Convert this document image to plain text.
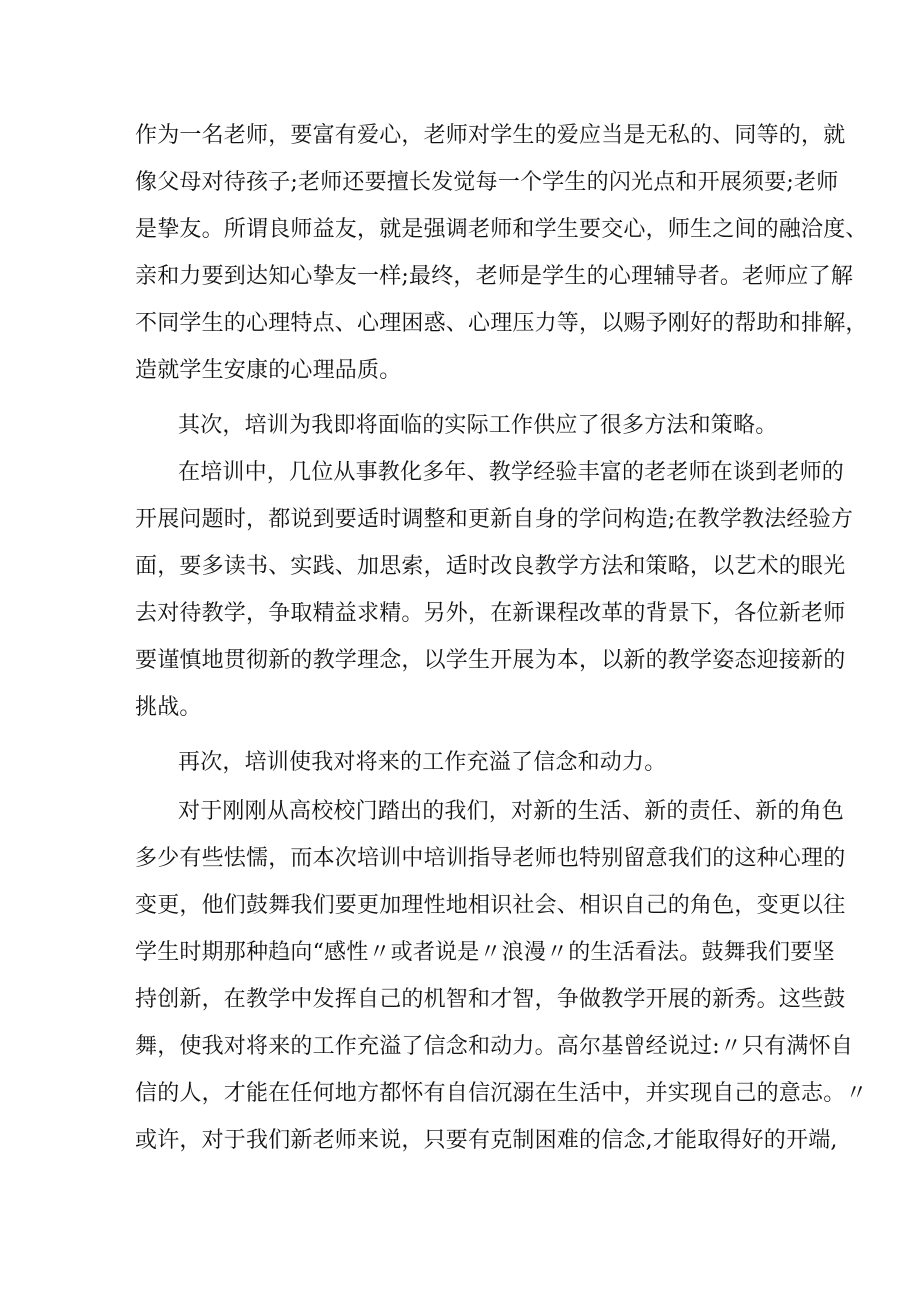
作为一名老师，要富有爱心，老师对学生的爱应当是无私的、同等的，就
像父母对待孩子;老师还要擅长发觉每一个学生的闪光点和开展须要;老师
是挚友。所谓良师益友，就是强调老师和学生要交心，师生之间的融洽度、
亲和力要到达知心挚友一样;最终，老师是学生的心理辅导者。老师应了解
不同学生的心理特点、心理困惑、心理压力等，以赐予刚好的帮助和排解，
造就学生安康的心理品质。
其次，培训为我即将面临的实际工作供应了很多方法和策略。
在培训中，几位从事教化多年、教学经验丰富的老老师在谈到老师的
开展问题时，都说到要适时调整和更新自身的学问构造;在教学教法经验方
面，要多读书、实践、加思索，适时改良教学方法和策略，以艺术的眼光
去对待教学，争取精益求精。另外，在新课程改革的背景下，各位新老师
要谨慎地贯彻新的教学理念，以学生开展为本，以新的教学姿态迎接新的
挑战。
再次，培训使我对将来的工作充溢了信念和动力。
对于刚刚从高校校门踏出的我们，对新的生活、新的责任、新的角色
多少有些怯懦，而本次培训中培训指导老师也特别留意我们的这种心理的
变更，他们鼓舞我们要更加理性地相识社会、相识自己的角色，变更以往
学生时期那种趋向“感性〃或者说是〃浪漫〃的生活看法。鼓舞我们要坚
持创新，在教学中发挥自己的机智和才智，争做教学开展的新秀。这些鼓
舞，使我对将来的工作充溢了信念和动力。高尔基曾经说过:〃只有满怀自
信的人，才能在任何地方都怀有自信沉溺在生活中，并实现自己的意志。〃
或许，对于我们新老师来说，只要有克制困难的信念,才能取得好的开端,
